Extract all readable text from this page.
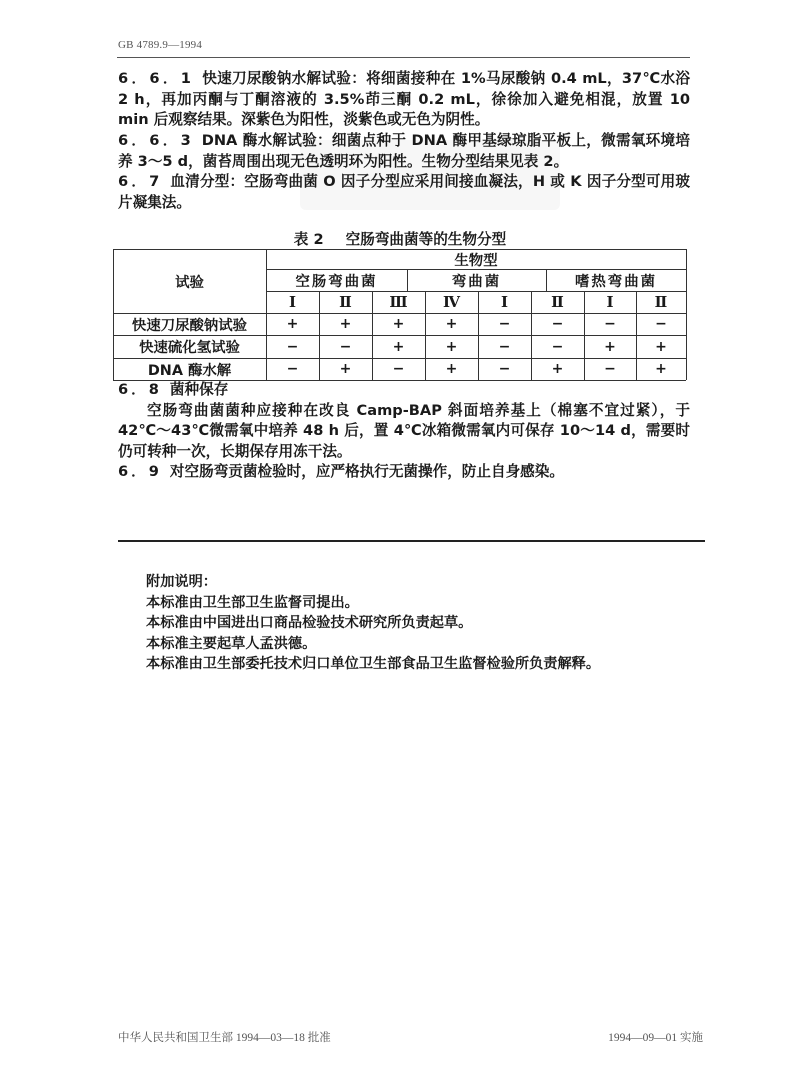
GB 4789.9—1994

6．6．1 快速刀尿酸钠水解试验：将细菌接种在 1%马尿酸钠 0.4 mL，37℃水浴 2 h，再加丙酮与丁酮溶液的 3.5%茚三酮 0.2 mL，徐徐加入避免相混，放置 10 min 后观察结果。深紫色为阳性，淡紫色或无色为阴性。

6．6．3 DNA 酶水解试验：细菌点种于 DNA 酶甲基绿琼脂平板上，微需氧环境培养 3～5 d，菌苔周围出现无色透明环为阳性。生物分型结果见表 2。

6．7 血清分型：空肠弯曲菌 O 因子分型应采用间接血凝法，H 或 K 因子分型可用玻片凝集法。

表 2 空肠弯曲菌等的生物分型
试验
生物型
空肠弯曲菌	弯曲菌	嗜热弯曲菌
Ⅰ	Ⅱ	Ⅲ	Ⅳ	Ⅰ	Ⅱ	Ⅰ	Ⅱ
快速刀尿酸钠试验	+	+	+	+	−	−	−	−
快速硫化氢试验	−	−	+	+	−	−	+	+
DNA 酶水解	−	+	−	+	−	+	−	+

6．8 菌种保存

空肠弯曲菌菌种应接种在改良 Camp-BAP 斜面培养基上（棉塞不宜过紧），于 42℃～43℃微需氧中培养 48 h 后，置 4℃冰箱微需氧内可保存 10～14 d，需要时仍可转种一次，长期保存用冻干法。

6．9 对空肠弯贡菌检验时，应严格执行无菌操作，防止自身感染。

附加说明：

本标准由卫生部卫生监督司提出。

本标准由中国进出口商品检验技术研究所负责起草。

本标准主要起草人孟洪德。

本标准由卫生部委托技术归口单位卫生部食品卫生监督检验所负责解释。

中华人民共和国卫生部 1994—03—18 批准	1994—09—01 实施
